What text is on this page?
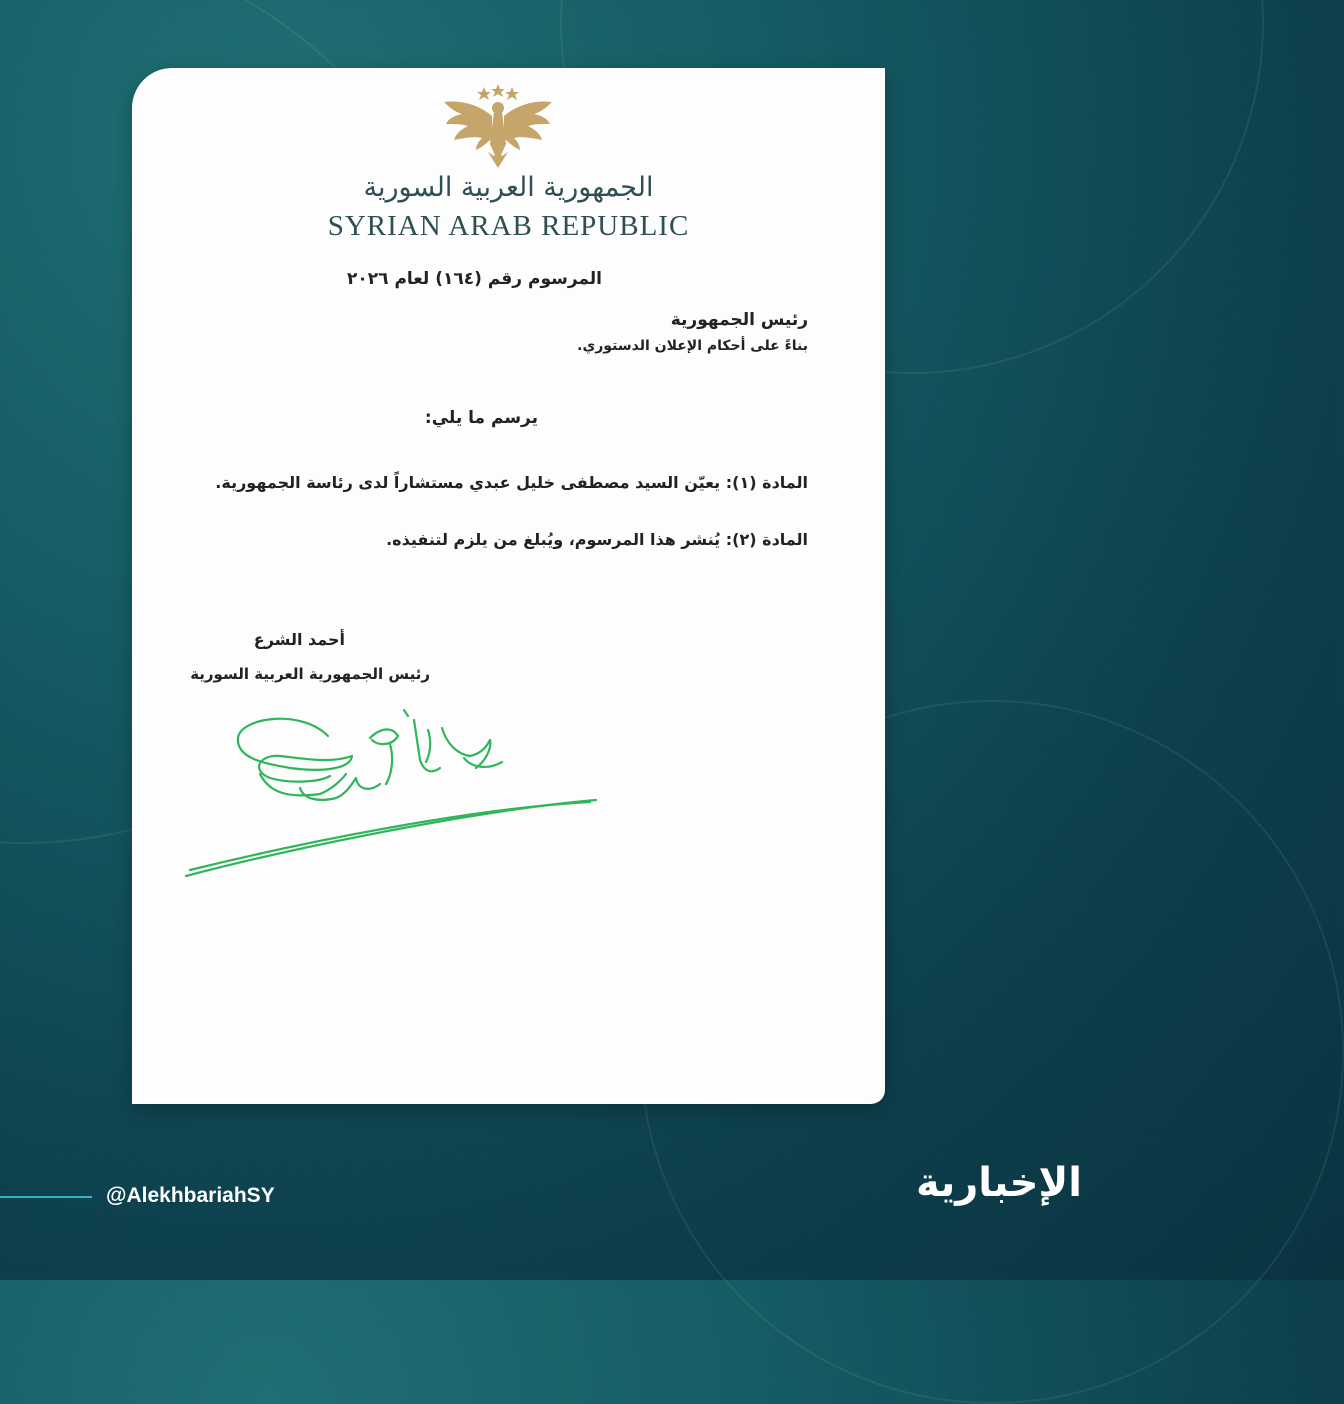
الجمهورية العربية السورية
SYRIAN ARAB REPUBLIC
المرسوم رقم (١٦٤) لعام ٢٠٢٦
رئيس الجمهورية
بناءً على أحكام الإعلان الدستوري.
يرسم ما يلي:
المادة (١): يعيّن السيد مصطفى خليل عبدي مستشاراً لدى رئاسة الجمهورية.
المادة (٢): يُنشر هذا المرسوم، ويُبلغ من يلزم لتنفيذه.
أحمد الشرع
رئيس الجمهورية العربية السورية
@AlekhbariahSY	الإخبارية
